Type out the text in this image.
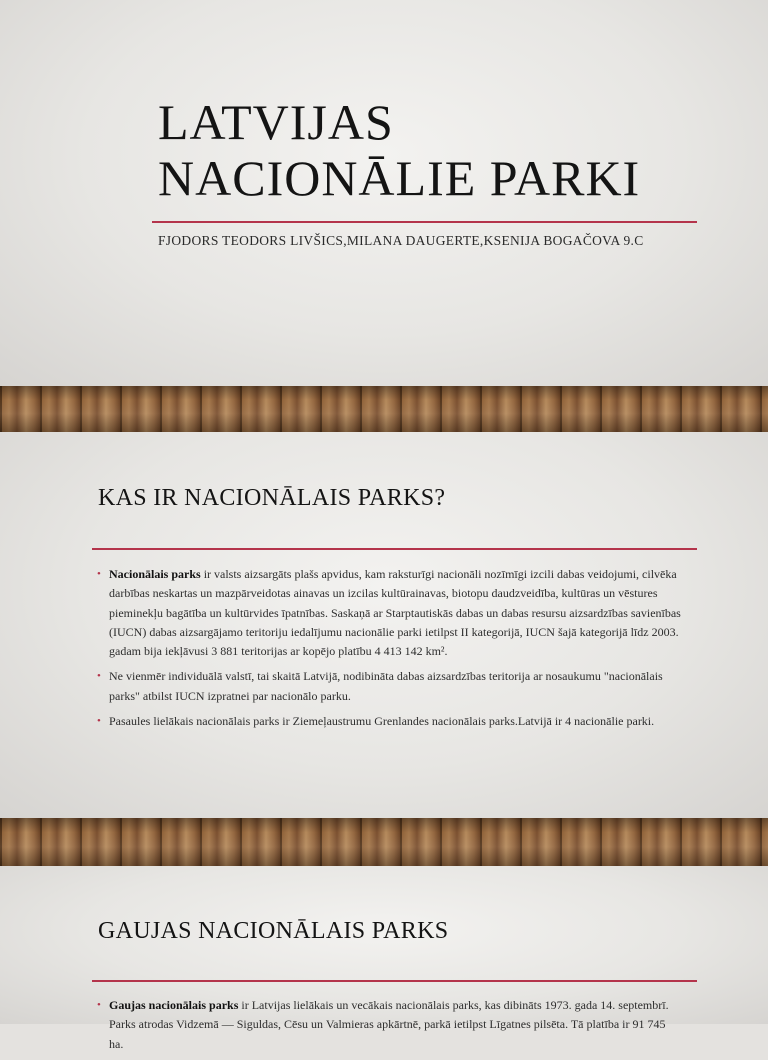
LATVIJAS
NACIONĀLIE PARKI
FJODORS TEODORS LIVŠICS,MILANA DAUGERTE,KSENIJA BOGAČOVA 9.C
KAS IR NACIONĀLAIS PARKS?
• Nacionālais parks ir valsts aizsargāts plašs apvidus, kam raksturīgi nacionāli nozīmīgi izcili dabas veidojumi, cilvēka darbības neskartas un mazpārveidotas ainavas un izcilas kultūrainavas, biotopu daudzveidība, kultūras un vēstures pieminekļu bagātība un kultūrvides īpatnības. Saskaņā ar Starptautiskās dabas un dabas resursu aizsardzības savienības (IUCN) dabas aizsargājamo teritoriju iedalījumu nacionālie parki ietilpst II kategorijā, IUCN šajā kategorijā līdz 2003. gadam bija iekļāvusi 3 881 teritorijas ar kopējo platību 4 413 142 km².
• Ne vienmēr individuālā valstī, tai skaitā Latvijā, nodibināta dabas aizsardzības teritorija ar nosaukumu "nacionālais parks" atbilst IUCN izpratnei par nacionālo parku.
• Pasaules lielākais nacionālais parks ir Ziemeļaustrumu Grenlandes nacionālais parks.Latvijā ir 4 nacionālie parki.
GAUJAS NACIONĀLAIS PARKS
• Gaujas nacionālais parks ir Latvijas lielākais un vecākais nacionālais parks, kas dibināts 1973. gada 14. septembrī. Parks atrodas Vidzemā — Siguldas, Cēsu un Valmieras apkārtnē, parkā ietilpst Līgatnes pilsēta. Tā platība ir 91 745 ha.
